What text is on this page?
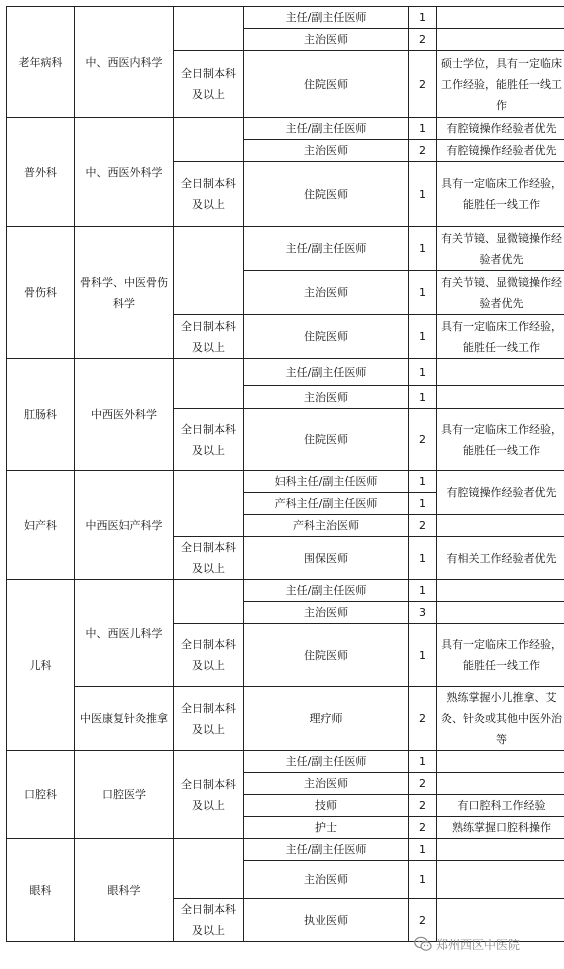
老年病科	中、西医内科学		主任/副主任医师	1	
			主治医师	2	
		全日制本科及以上	住院医师	2	硕士学位，具有一定临床工作经验，能胜任一线工作
普外科	中、西医外科学		主任/副主任医师	1	有腔镜操作经验者优先
			主治医师	2	有腔镜操作经验者优先
		全日制本科及以上	住院医师	1	具有一定临床工作经验，能胜任一线工作
骨伤科	骨科学、中医骨伤科学		主任/副主任医师	1	有关节镜、显微镜操作经验者优先
			主治医师	1	有关节镜、显微镜操作经验者优先
		全日制本科及以上	住院医师	1	具有一定临床工作经验，能胜任一线工作
肛肠科	中西医外科学		主任/副主任医师	1	
			主治医师	1	
		全日制本科及以上	住院医师	2	具有一定临床工作经验，能胜任一线工作
妇产科	中西医妇产科学		妇科主任/副主任医师	1	有腔镜操作经验者优先
			产科主任/副主任医师	1	
			产科主治医师	2	
		全日制本科及以上	围保医师	1	有相关工作经验者优先
儿科	中、西医儿科学		主任/副主任医师	1	
			主治医师	3	
		全日制本科及以上	住院医师	1	具有一定临床工作经验，能胜任一线工作
	中医康复针灸推拿	全日制本科及以上	理疗师	2	熟练掌握小儿推拿、艾灸、针灸或其他中医外治等
口腔科	口腔医学	全日制本科及以上	主任/副主任医师	1	
			主治医师	2	
			技师	2	有口腔科工作经验
			护士	2	熟练掌握口腔科操作
眼科	眼科学		主任/副主任医师	1	
			主治医师	1	
		全日制本科及以上	执业医师	2	
郑州西区中医院
